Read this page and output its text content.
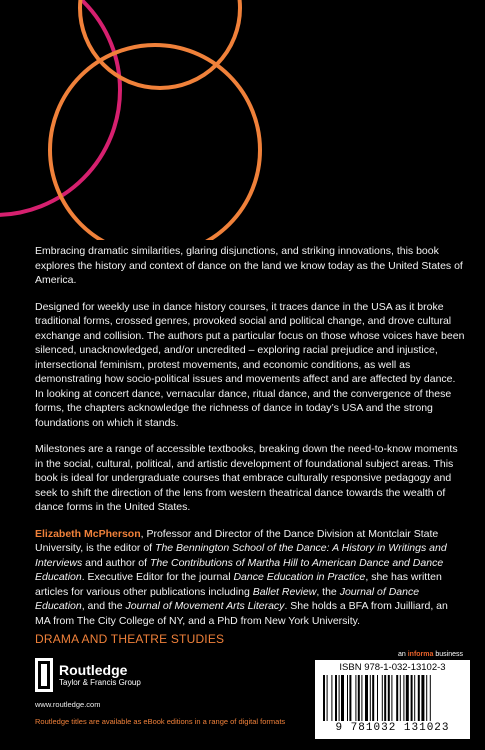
Embracing dramatic similarities, glaring disjunctions, and striking innovations, this book explores the history and context of dance on the land we know today as the United States of America.

Designed for weekly use in dance history courses, it traces dance in the USA as it broke traditional forms, crossed genres, provoked social and political change, and drove cultural exchange and collision. The authors put a particular focus on those whose voices have been silenced, unacknowledged, and/or uncredited – exploring racial prejudice and injustice, intersectional feminism, protest movements, and economic conditions, as well as demonstrating how socio-political issues and movements affect and are affected by dance. In looking at concert dance, vernacular dance, ritual dance, and the convergence of these forms, the chapters acknowledge the richness of dance in today’s USA and the strong foundations on which it stands.

Milestones are a range of accessible textbooks, breaking down the need-to-know moments in the social, cultural, political, and artistic development of foundational subject areas. This book is ideal for undergraduate courses that embrace culturally responsive pedagogy and seek to shift the direction of the lens from western theatrical dance towards the wealth of dance forms in the United States.

Elizabeth McPherson, Professor and Director of the Dance Division at Montclair State University, is the editor of The Bennington School of the Dance: A History in Writings and Interviews and author of The Contributions of Martha Hill to American Dance and Dance Education. Executive Editor for the journal Dance Education in Practice, she has written articles for various other publications including Ballet Review, the Journal of Dance Education, and the Journal of Movement Arts Literacy. She holds a BFA from Juilliard, an MA from The City College of NY, and a PhD from New York University.

DRAMA AND THEATRE STUDIES
Routledge
Taylor & Francis Group
www.routledge.com
Routledge titles are available as eBook editions in a range of digital formats
an informa business
ISBN 978-1-032-13102-3
9 781032 131023
